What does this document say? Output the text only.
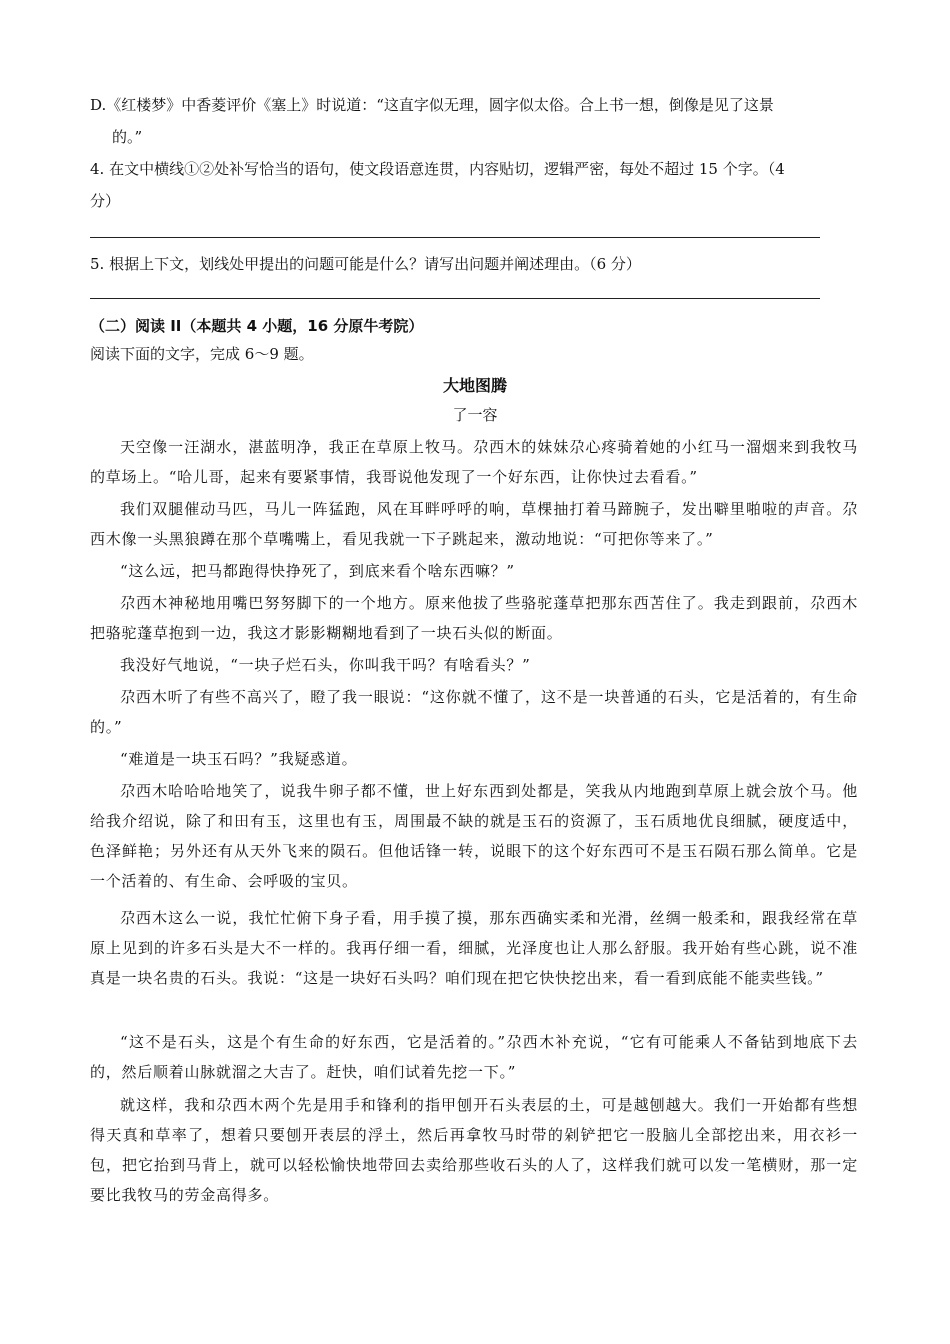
D.《红楼梦》中香菱评价《塞上》时说道：“这直字似无理，圆字似太俗。合上书一想，倒像是见了这景
的。”
4. 在文中横线①②处补写恰当的语句，使文段语意连贯，内容贴切，逻辑严密，每处不超过 15 个字。（4
分）
5. 根据上下文，划线处甲提出的问题可能是什么？请写出问题并阐述理由。（6 分）
（二）阅读 II（本题共 4 小题，16 分原牛考院）
阅读下面的文字，完成 6～9 题。
大地图腾
了一容
天空像一汪湖水，湛蓝明净，我正在草原上牧马。尕西木的妹妹尕心疼骑着她的小红马一溜烟来到我牧马的草场上。“哈儿哥，起来有要紧事情，我哥说他发现了一个好东西，让你快过去看看。”
我们双腿催动马匹，马儿一阵猛跑，风在耳畔呼呼的响，草棵抽打着马蹄腕子，发出噼里啪啦的声音。尕西木像一头黑狼蹲在那个草嘴嘴上，看见我就一下子跳起来，激动地说：“可把你等来了。”
“这么远，把马都跑得快挣死了，到底来看个啥东西嘛？”
尕西木神秘地用嘴巴努努脚下的一个地方。原来他拔了些骆驼蓬草把那东西苫住了。我走到跟前，尕西木把骆驼蓬草抱到一边，我这才影影糊糊地看到了一块石头似的断面。
我没好气地说，“一块子烂石头，你叫我干吗？有啥看头？”
尕西木听了有些不高兴了，瞪了我一眼说：“这你就不懂了，这不是一块普通的石头，它是活着的，有生命的。”
“难道是一块玉石吗？”我疑惑道。
尕西木哈哈哈地笑了，说我牛卵子都不懂，世上好东西到处都是，笑我从内地跑到草原上就会放个马。他给我介绍说，除了和田有玉，这里也有玉，周围最不缺的就是玉石的资源了，玉石质地优良细腻，硬度适中，色泽鲜艳；另外还有从天外飞来的陨石。但他话锋一转，说眼下的这个好东西可不是玉石陨石那么简单。它是一个活着的、有生命、会呼吸的宝贝。
尕西木这么一说，我忙忙俯下身子看，用手摸了摸，那东西确实柔和光滑，丝绸一般柔和，跟我经常在草原上见到的许多石头是大不一样的。我再仔细一看，细腻，光泽度也让人那么舒服。我开始有些心跳，说不准真是一块名贵的石头。我说：“这是一块好石头吗？咱们现在把它快快挖出来，看一看到底能不能卖些钱。”
“这不是石头，这是个有生命的好东西，它是活着的。”尕西木补充说，“它有可能乘人不备钻到地底下去的，然后顺着山脉就溜之大吉了。赶快，咱们试着先挖一下。”
就这样，我和尕西木两个先是用手和锋利的指甲刨开石头表层的土，可是越刨越大。我们一开始都有些想得天真和草率了，想着只要刨开表层的浮土，然后再拿牧马时带的剁铲把它一股脑儿全部挖出来，用衣衫一包，把它抬到马背上，就可以轻松愉快地带回去卖给那些收石头的人了，这样我们就可以发一笔横财，那一定要比我牧马的劳金高得多。
